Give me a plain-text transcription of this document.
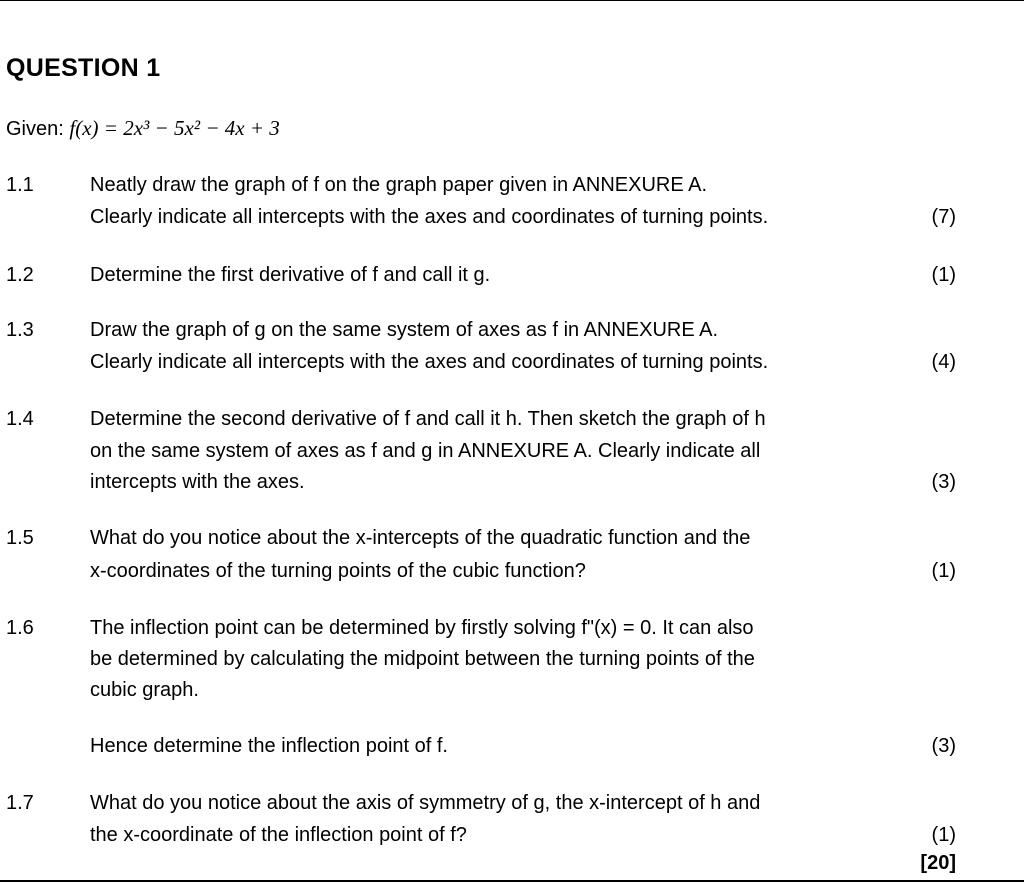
QUESTION 1
Given: f(x) = 2x³ − 5x² − 4x + 3
1.1	Neatly draw the graph of f on the graph paper given in ANNEXURE A.
Clearly indicate all intercepts with the axes and coordinates of turning points.	(7)
1.2	Determine the first derivative of f and call it g.	(1)
1.3	Draw the graph of g on the same system of axes as f in ANNEXURE A.
Clearly indicate all intercepts with the axes and coordinates of turning points.	(4)
1.4	Determine the second derivative of f and call it h. Then sketch the graph of h
on the same system of axes as f and g in ANNEXURE A. Clearly indicate all
intercepts with the axes.	(3)
1.5	What do you notice about the x-intercepts of the quadratic function and the
x-coordinates of the turning points of the cubic function?	(1)
1.6	The inflection point can be determined by firstly solving f"(x) = 0. It can also
be determined by calculating the midpoint between the turning points of the
cubic graph.
Hence determine the inflection point of f.	(3)
1.7	What do you notice about the axis of symmetry of g, the x-intercept of h and
the x-coordinate of the inflection point of f?	(1)
[20]
